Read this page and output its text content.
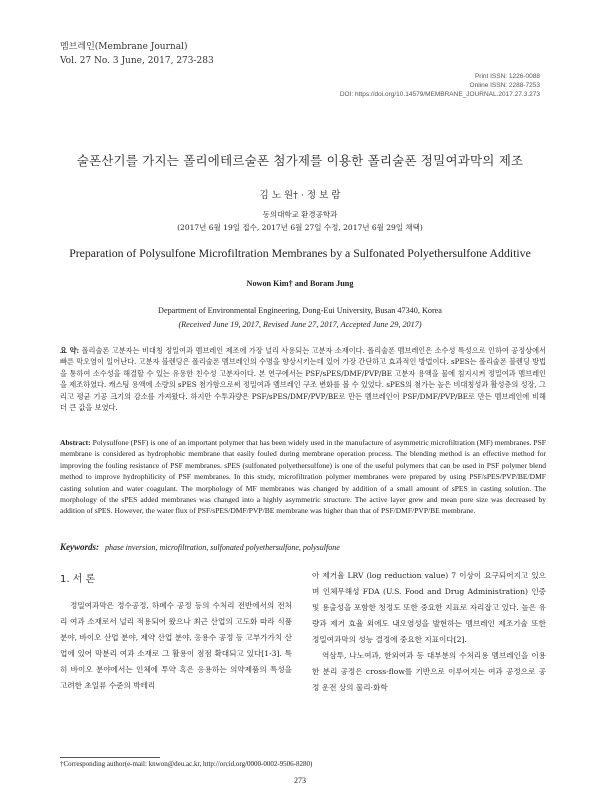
멤브레인(Membrane Journal)
Vol. 27 No. 3 June, 2017, 273-283
Print ISSN: 1226-0088
Online ISSN: 2288-7253
DOI: https://doi.org/10.14579/MEMBRANE_JOURNAL.2017.27.3.273
술폰산기를 가지는 폴리에테르술폰 첨가제를 이용한 폴리술폰 정밀여과막의 제조
김 노 원† · 정 보 람
동의대학교 환경공학과
(2017년 6월 19일 접수, 2017년 6월 27일 수정, 2017년 6월 29일 채택)
Preparation of Polysulfone Microfiltration Membranes by a Sulfonated Polyethersulfone Additive
Nowon Kim† and Boram Jung
Department of Environmental Engineering, Dong-Eui University, Busan 47340, Korea
(Received June 19, 2017, Revised June 27, 2017, Accepted June 29, 2017)
요 약: 폴리술폰 고분자는 비대칭 정밀여과 멤브레인 제조에 가장 널리 사용되는 고분자 소재이다. 폴리술폰 멤브레인은 소수성 특성으로 인하여 공정상에서 빠른 막오염이 일어난다. 고분자 블렌딩은 폴리술폰 멤브레인의 수명을 향상시키는데 있어 가장 간단하고 효과적인 방법이다. sPES는 폴리술폰 블렌딩 방법을 통하여 소수성을 해결할 수 있는 유용한 친수성 고분자이다. 본 연구에서는 PSF/sPES/DMF/PVP/BE 고분자 용액을 물에 침지시켜 정밀여과 멤브레인을 제조하였다. 캐스팅 용액에 소량의 sPES 첨가함으로써 정밀여과 멤브레인 구조 변화를 볼 수 있었다. sPES의 첨가는 높은 비대칭성과 활성층의 성장, 그리고 평균 기공 크기의 감소를 가져왔다. 하지만 수투과량은 PSF/sPES/DMF/PVP/BE로 만든 멤브레인이 PSF/DMF/PVP/BE로 만든 멤브레인에 비해 더 큰 값을 보였다.
Abstract: Polysulfone (PSF) is one of an important polymer that has been widely used in the manufacture of asymmetric microfiltration (MF) membranes. PSF membrane is considered as hydrophobic membrane that easily fouled during membrane operation process. The blending method is an effective method for improving the fouling resistance of PSF membranes. sPES (sulfonated polyethersulfone) is one of the useful polymers that can be used in PSF polymer blend method to improve hydrophilicity of PSF membranes. In this study, microfiltration polymer membranes were prepared by using PSF/sPES/PVP/BE/DMF casting solution and water coagulant. The morphology of MF membranes was changed by addition of a small amount of sPES in casting solution. The morphology of the sPES added membranes was changed into a highly asymmetric structure. The active layer grew and mean pore size was decreased by addition of sPES. However, the water flux of PSF/sPES/DMF/PVP/BE membrane was higher than that of PSF/DMF/PVP/BE membrane.
Keywords: phase inversion, microfiltration, sulfonated polyethersulfone, polysulfone
1. 서 론

정밀여과막은 정수공정, 하폐수 공정 등의 수처리 전반에서의 전처리 여과 소재로서 널리 적용되어 왔으나 최근 산업의 고도화 따라 식품 분야, 바이오 산업 분야, 제약 산업 분야, 응용수 공정 등 고부가가치 산업에 있어 막분리 여과 소재로 그 활용이 점점 확대되고 있다[1-3]. 특히 바이오 분야에서는 인체에 투약 혹은 응용하는 의약제품의 특성을 고려한 초일류 수준의 박테리

아 제거율 LRV (log reduction value) 7 이상이 요구되어지고 있으며 인체무해성 FDA (U.S. Food and Drug Administration) 인증 및 용출성을 포함한 청정도 또한 중요한 지표로 자리잡고 있다. 높은 유량과 제거 효율 외에도 내오염성을 발현하는 멤브레인 제조기술 또한 정밀여과막의 성능 결정에 중요한 지표이다[2].

역삼투, 나노여과, 한외여과 등 대부분의 수처리용 멤브레인을 이용한 분리 공정은 cross-flow를 기반으로 이루어지는 여과 공정으로 공정 운전 상의 물리·화학

†Corresponding author(e-mail: knwon@deu.ac.kr, http://orcid.org/0000-0002-9506-8280)
273
